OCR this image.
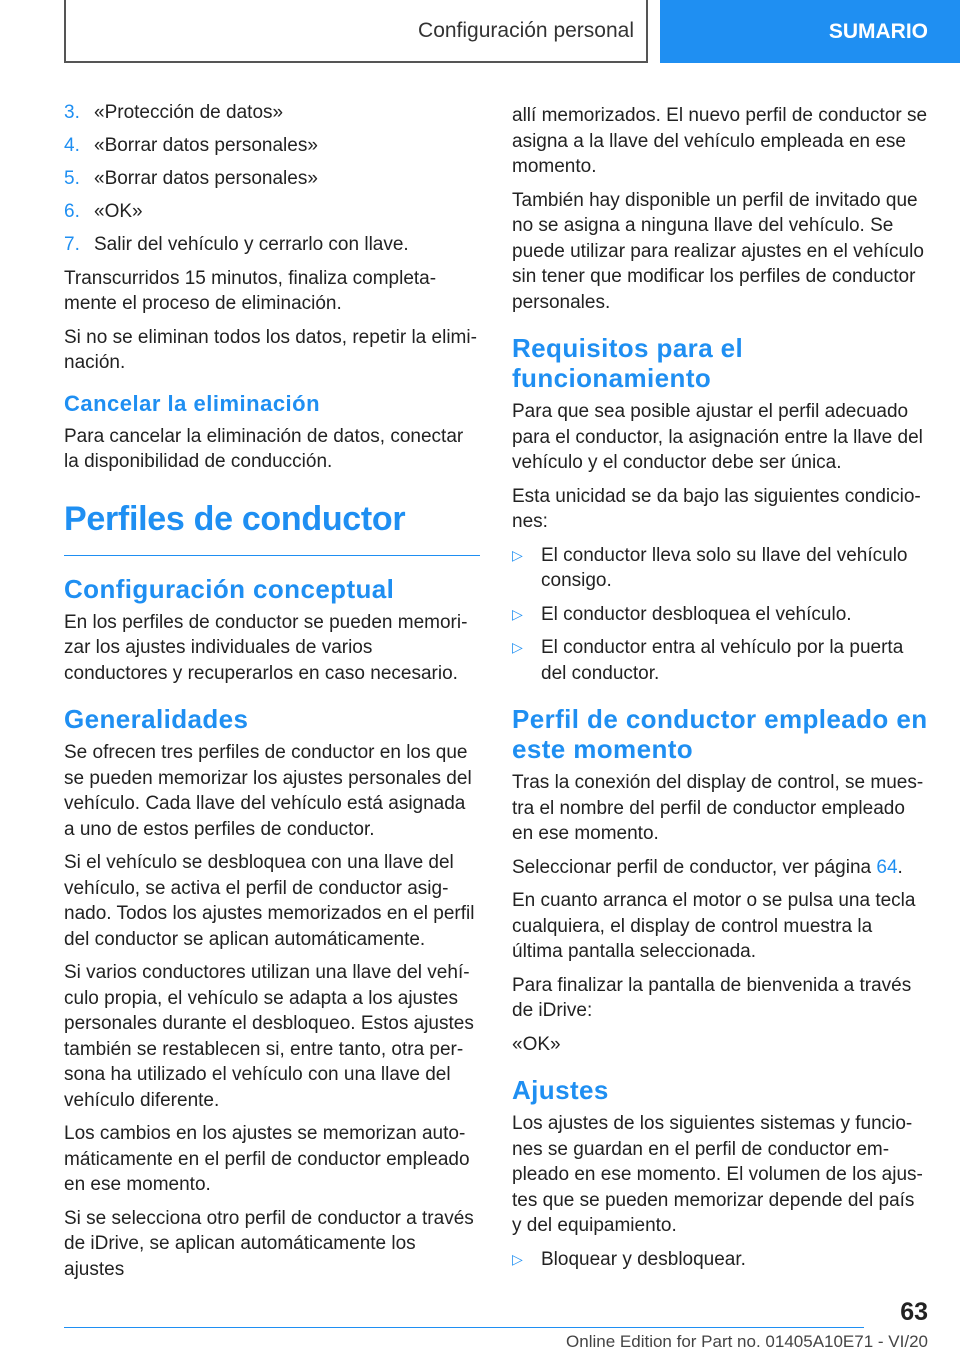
Configuración personal	SUMARIO
3. «Protección de datos»
4. «Borrar datos personales»
5. «Borrar datos personales»
6. «OK»
7. Salir del vehículo y cerrarlo con llave.

Transcurridos 15 minutos, finaliza completa‐mente el proceso de eliminación.

Si no se eliminan todos los datos, repetir la elimi‐nación.

Cancelar la eliminación

Para cancelar la eliminación de datos, conectar la disponibilidad de conducción.

Perfiles de conductor
Configuración conceptual

En los perfiles de conductor se pueden memori‐zar los ajustes individuales de varios conductores y recuperarlos en caso necesario.

Generalidades

Se ofrecen tres perfiles de conductor en los que se pueden memorizar los ajustes personales del vehículo. Cada llave del vehículo está asignada a uno de estos perfiles de conductor.

Si el vehículo se desbloquea con una llave del vehículo, se activa el perfil de conductor asig‐nado. Todos los ajustes memorizados en el perfil del conductor se aplican automáticamente.

Si varios conductores utilizan una llave del vehí‐culo propia, el vehículo se adapta a los ajustes personales durante el desbloqueo. Estos ajustes también se restablecen si, entre tanto, otra per‐sona ha utilizado el vehículo con una llave del vehículo diferente.

Los cambios en los ajustes se memorizan auto‐máticamente en el perfil de conductor empleado en ese momento.

Si se selecciona otro perfil de conductor a través de iDrive, se aplican automáticamente los ajustes

allí memorizados. El nuevo perfil de conductor se asigna a la llave del vehículo empleada en ese momento.

También hay disponible un perfil de invitado que no se asigna a ninguna llave del vehículo. Se puede utilizar para realizar ajustes en el vehículo sin tener que modificar los perfiles de conductor personales.

Requisitos para el funcionamiento

Para que sea posible ajustar el perfil adecuado para el conductor, la asignación entre la llave del vehículo y el conductor debe ser única.

Esta unicidad se da bajo las siguientes condicio‐nes:

▷ El conductor lleva solo su llave del vehículo consigo.
▷ El conductor desbloquea el vehículo.
▷ El conductor entra al vehículo por la puerta del conductor.
Perfil de conductor empleado en este momento

Tras la conexión del display de control, se mues‐tra el nombre del perfil de conductor empleado en ese momento.

Seleccionar perfil de conductor, ver página 64.

En cuanto arranca el motor o se pulsa una tecla cualquiera, el display de control muestra la última pantalla seleccionada.

Para finalizar la pantalla de bienvenida a través de iDrive:

«OK»

Ajustes

Los ajustes de los siguientes sistemas y funcio‐nes se guardan en el perfil de conductor em‐pleado en ese momento. El volumen de los ajus‐tes que se pueden memorizar depende del país y del equipamiento.

▷ Bloquear y desbloquear.
63
Online Edition for Part no. 01405A10E71 - VI/20
